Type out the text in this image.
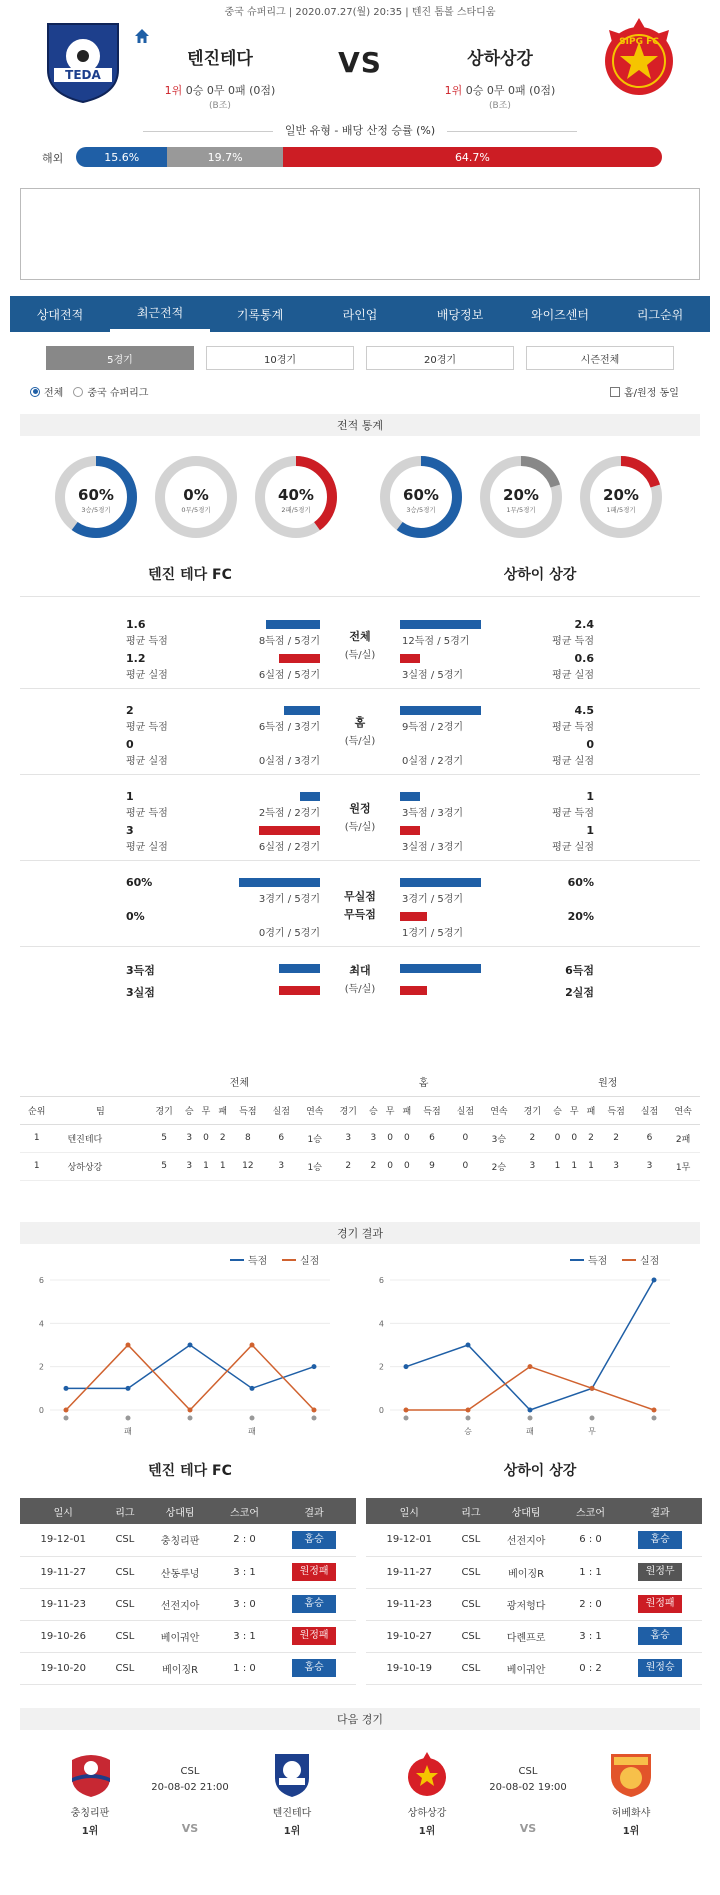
중국 슈퍼리그 | 2020.07.27(월) 20:35 | 텐진 톰볼 스타디움
TEDA
텐진테다
1위 0승 0무 0패 (0점)
(B조)
VS	상하상강
1위 0승 0무 0패 (0점)
(B조)
SIPG FC
일반 유형 - 배당 산정 승률 (%)
해외	15.6%	19.7%	64.7%
상대전적	최근전적	기록통계	라인업	배당정보	와이즈센터	리그순위
5경기	10경기	20경기	시즌전체
전체 중국 슈퍼리그	홈/원정 동일
전적 통계
60%
3승/5경기
0%
0무/5경기
40%
2패/5경기
60%
3승/5경기
20%
1무/5경기
20%
1패/5경기
텐진 테다 FC	상하이 상강
전체
(득/실)
1.6
평균 득점	8득점 / 5경기
1.2
평균 실점	6실점 / 5경기
2.4
평균 득점
12득점 / 5경기
0.6
평균 실점
3실점 / 5경기
홈
(득/실)
2
평균 득점	6득점 / 3경기
0
평균 실점	0실점 / 3경기
4.5
평균 득점
9득점 / 2경기
0
평균 실점
0실점 / 2경기
원정
(득/실)
1
평균 득점	2득점 / 2경기
3
평균 실점	6실점 / 2경기
1
평균 득점
3득점 / 3경기
1
평균 실점
3실점 / 3경기
무실점
무득점
60%
3경기 / 5경기
0%
0경기 / 5경기
60%
3경기 / 5경기
20%
1경기 / 5경기
최대
(득/실)
3득점
3실점
6득점
2실점
		전체							홈							원정						
순위	팀	경기	승	무	패	득점	실점	연속	경기	승	무	패	득점	실점	연속	경기	승	무	패	득점	실점	연속
1	텐진테다	5	3	0	2	8	6	1승	3	3	0	0	6	0	3승	2	0	0	2	2	6	2패
1	상하상강	5	3	1	1	12	3	1승	2	2	0	0	9	0	2승	3	1	1	1	3	3	1무
경기 결과
득점	실점
0
2
4
6
패	패
득점	실점
0
2
4
6
승	패	무
텐진 테다 FC	상하이 상강
일시	리그	상대팀	스코어	결과
19-12-01	CSL	충칭리판	2 : 0	홈승
19-11-27	CSL	산동루넝	3 : 1	원정패
19-11-23	CSL	선전지아	3 : 0	홈승
19-10-26	CSL	베이궈안	3 : 1	원정패
19-10-20	CSL	베이징R	1 : 0	홈승
일시	리그	상대팀	스코어	결과
19-12-01	CSL	선전지아	6 : 0	홈승
19-11-27	CSL	베이징R	1 : 1	원정무
19-11-23	CSL	광저헝다	2 : 0	원정패
19-10-27	CSL	다롄프로	3 : 1	홈승
19-10-19	CSL	베이궈안	0 : 2	원정승
다음 경기
충칭리판
1위
CSL
20-08-02 21:00
VS
텐진테다
1위
상하상강
1위
CSL
20-08-02 19:00
VS
허베화샤
1위
